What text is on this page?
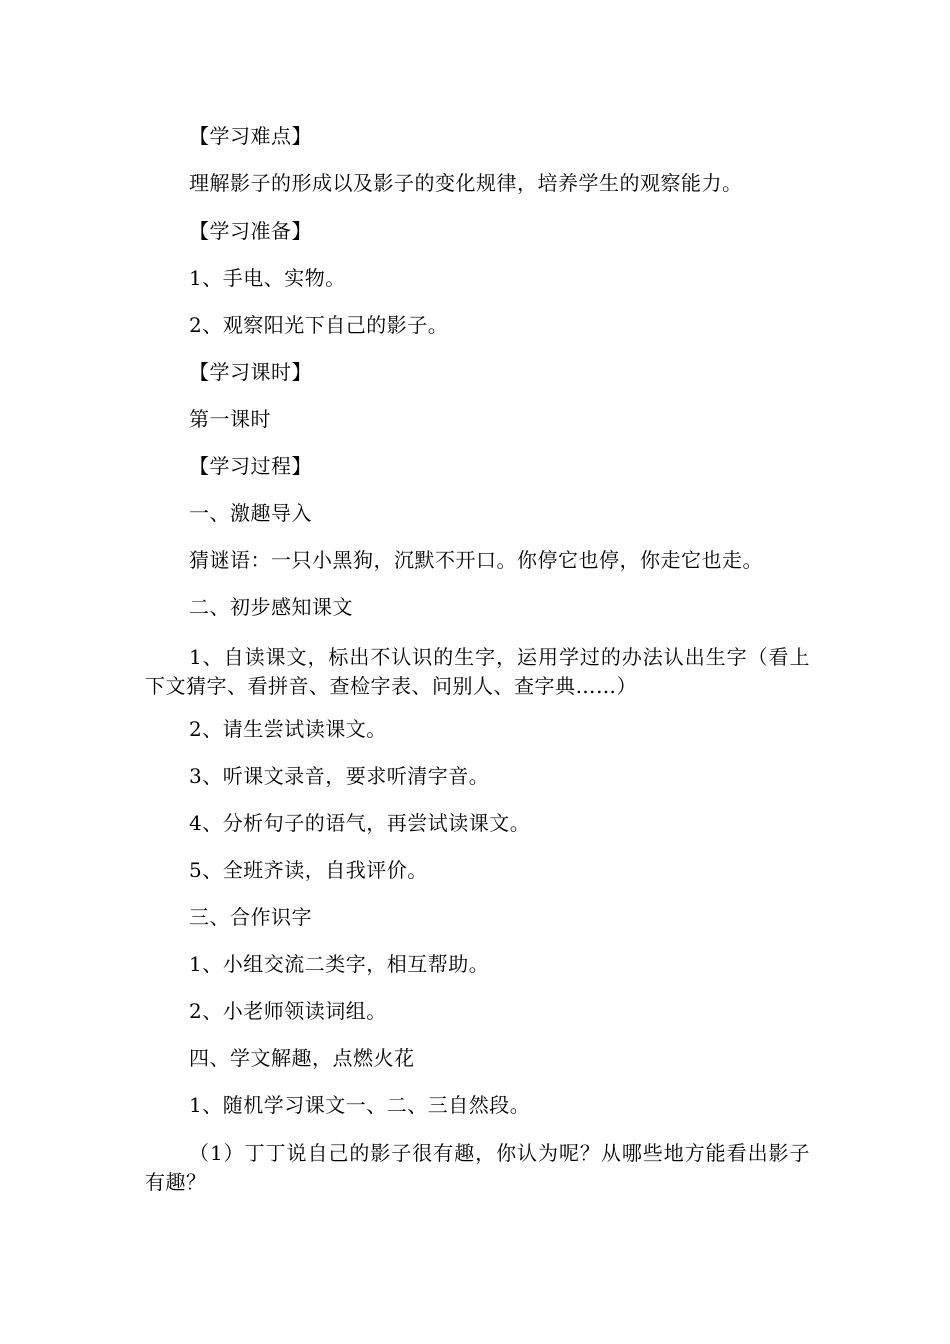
【学习难点】
理解影子的形成以及影子的变化规律，培养学生的观察能力。
【学习准备】
1、手电、实物。
2、观察阳光下自己的影子。
【学习课时】
第一课时
【学习过程】
一、激趣导入
猜谜语：一只小黑狗，沉默不开口。你停它也停，你走它也走。
二、初步感知课文
1、自读课文，标出不认识的生字，运用学过的办法认出生字（看上下文猜字、看拼音、查检字表、问别人、查字典……）
2、请生尝试读课文。
3、听课文录音，要求听清字音。
4、分析句子的语气，再尝试读课文。
5、全班齐读，自我评价。
三、合作识字
1、小组交流二类字，相互帮助。
2、小老师领读词组。
四、学文解趣，点燃火花
1、随机学习课文一、二、三自然段。
（1）丁丁说自己的影子很有趣，你认为呢？从哪些地方能看出影子有趣？
